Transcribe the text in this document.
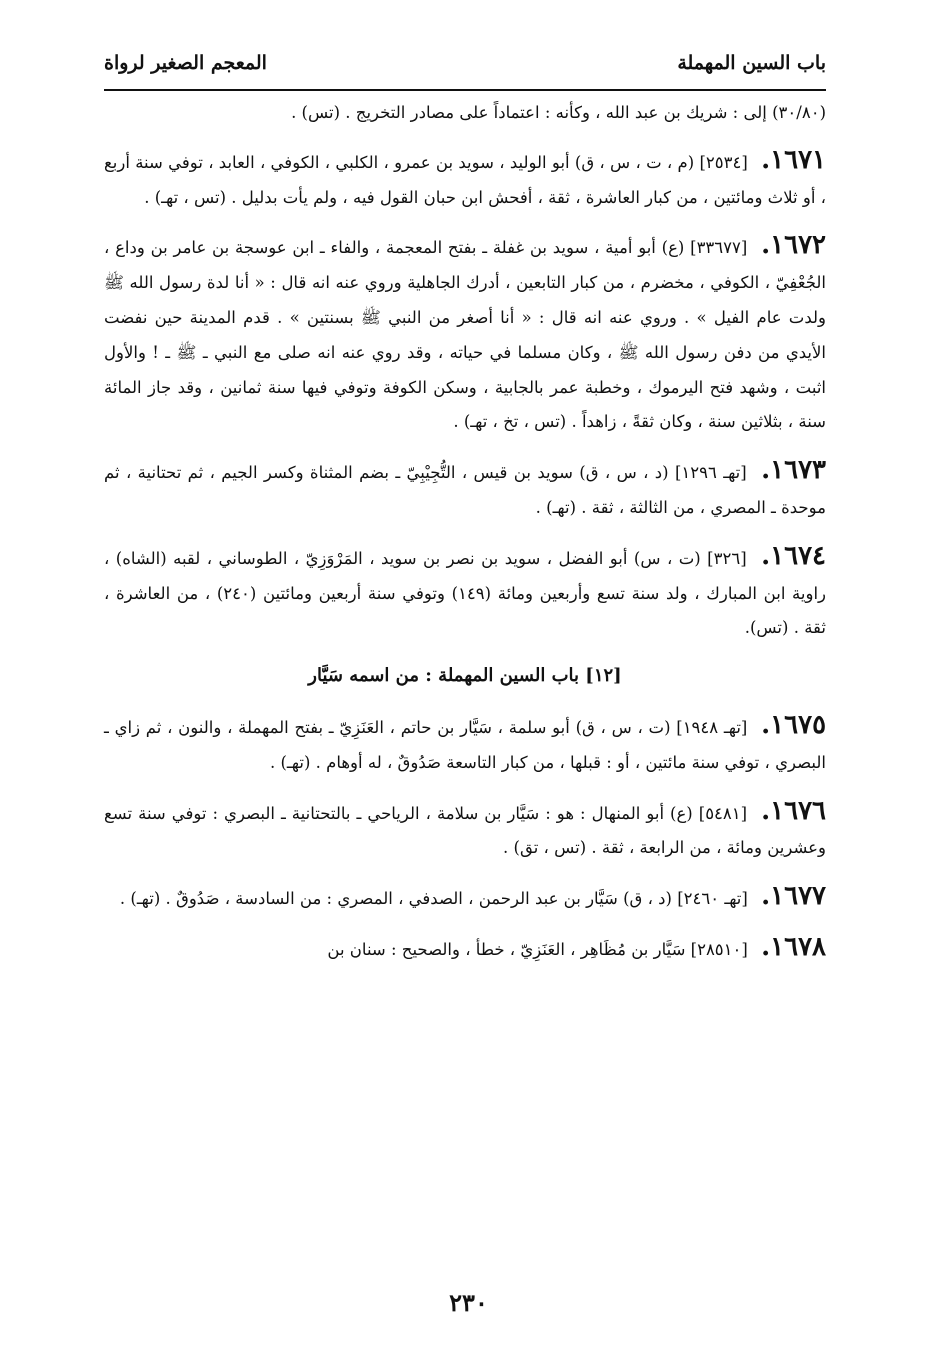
باب السين المهملة
المعجم الصغير لرواة

(٣٠/٨٠) إلى : شريك بن عبد الله ، وكأنه : اعتماداً على مصادر التخريج . (تس) .

١٦٧١. [٢٥٣٤] (م ، ت ، س ، ق) أبو الوليد ، سويد بن عمرو ، الكلبي ، الكوفي ، العابد ، توفي سنة أربع ، أو ثلاث ومائتين ، من كبار العاشرة ، ثقة ، أفحش ابن حبان القول فيه ، ولم يأت بدليل . (تس ، تهـ) .

١٦٧٢. [٣٣٦٧٧] (ع) أبو أمية ، سويد بن غفلة ـ بفتح المعجمة ، والفاء ـ ابن عوسجة بن عامر بن وداع ، الجُعْفِيّ ، الكوفي ، مخضرم ، من كبار التابعين ، أدرك الجاهلية وروي عنه انه قال : « أنا لدة رسول الله ﷺ ولدت عام الفيل » . وروي عنه انه قال : « أنا أصغر من النبي ﷺ بسنتين » . قدم المدينة حين نفضت الأيدي من دفن رسول الله ﷺ ، وكان مسلما في حياته ، وقد روي عنه انه صلى مع النبي ـ ﷺ ـ ! والأول اثبت ، وشهد فتح اليرموك ، وخطبة عمر بالجابية ، وسكن الكوفة وتوفي فيها سنة ثمانين ، وقد جاز المائة سنة ، بثلاثين سنة ، وكان ثقةً ، زاهداً . (تس ، تخ ، تهـ) .

١٦٧٣. [تهـ ١٢٩٦] (د ، س ، ق) سويد بن قيس ، التُّجِيْبِيّ ـ بضم المثناة وكسر الجيم ، ثم تحتانية ، ثم موحدة ـ المصري ، من الثالثة ، ثقة . (تهـ) .

١٦٧٤. [٣٢٦] (ت ، س) أبو الفضل ، سويد بن نصر بن سويد ، المَرْوَزِيّ ، الطوساني ، لقبه (الشاه) ، راوية ابن المبارك ، ولد سنة تسع وأربعين ومائة (١٤٩) وتوفي سنة أربعين ومائتين (٢٤٠) ، من العاشرة ، ثقة . (تس).

[١٢] باب السين المهملة : من اسمه سَيَّار

١٦٧٥. [تهـ ١٩٤٨] (ت ، س ، ق) أبو سلمة ، سَيَّار بن حاتم ، العَنَزِيّ ـ بفتح المهملة ، والنون ، ثم زاي ـ البصري ، توفي سنة مائتين ، أو : قبلها ، من كبار التاسعة صَدُوقٌ ، له أوهام . (تهـ) .

١٦٧٦. [٥٤٨١] (ع) أبو المنهال : هو : سَيَّار بن سلامة ، الرياحي ـ بالتحتانية ـ البصري : توفي سنة تسع وعشرين ومائة ، من الرابعة ، ثقة . (تس ، تق) .

١٦٧٧. [تهـ ٢٤٦٠] (د ، ق) سَيَّار بن عبد الرحمن ، الصدفي ، المصري : من السادسة ، صَدُوقٌ . (تهـ) .

١٦٧٨. [٢٨٥١٠] سَيَّار بن مُظَاهِر ، العَنَزِيّ ، خطأ ، والصحيح : سنان بن

٢٣٠
